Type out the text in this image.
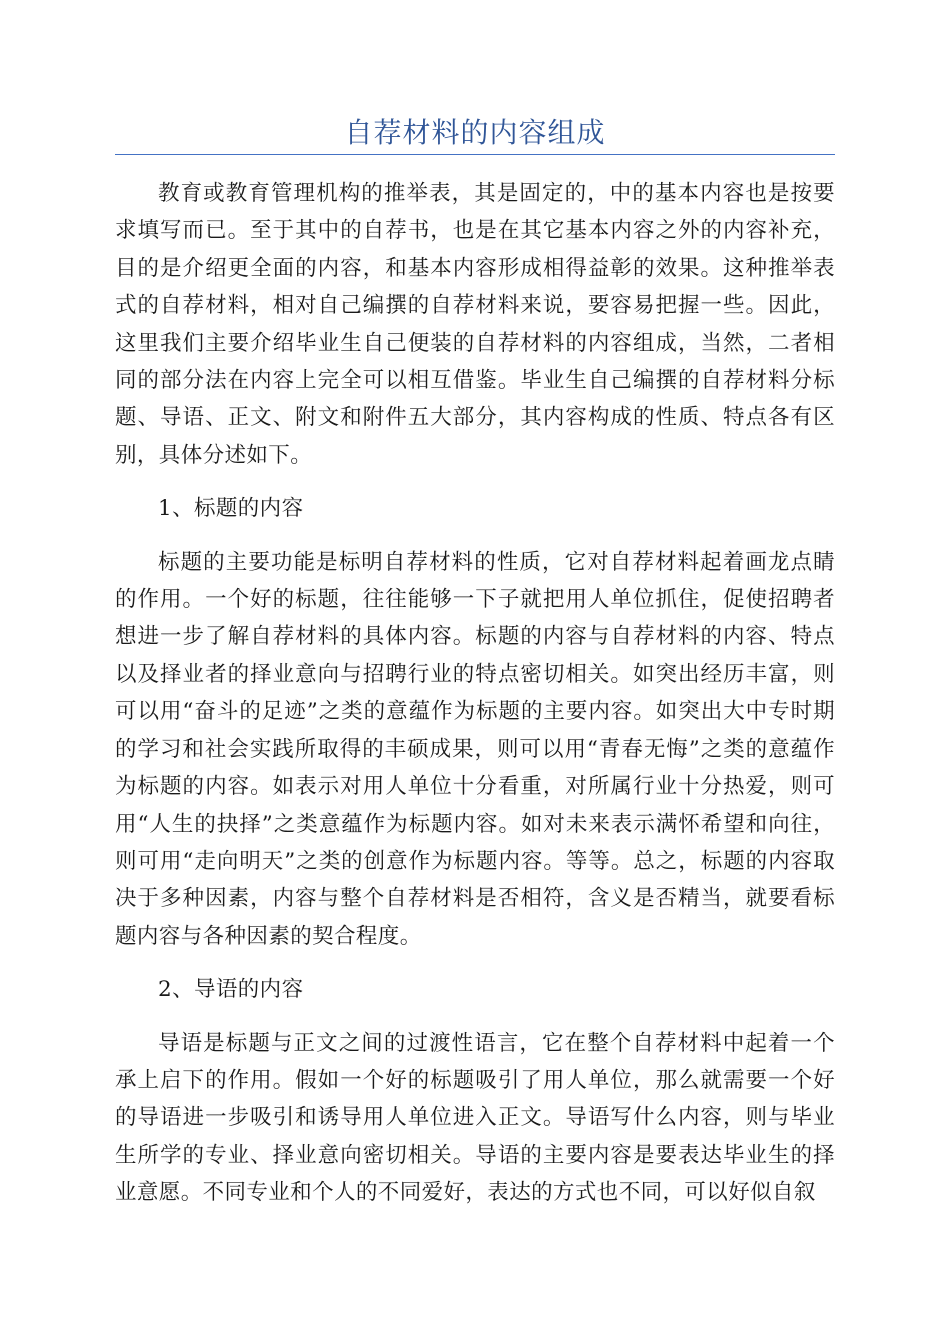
自荐材料的内容组成

教育或教育管理机构的推举表，其是固定的，中的基本内容也是按要求填写而已。至于其中的自荐书，也是在其它基本内容之外的内容补充，目的是介绍更全面的内容，和基本内容形成相得益彰的效果。这种推举表式的自荐材料，相对自己编撰的自荐材料来说，要容易把握一些。因此，这里我们主要介绍毕业生自己便装的自荐材料的内容组成，当然，二者相同的部分法在内容上完全可以相互借鉴。毕业生自己编撰的自荐材料分标题、导语、正文、附文和附件五大部分，其内容构成的性质、特点各有区别，具体分述如下。

1、标题的内容

标题的主要功能是标明自荐材料的性质，它对自荐材料起着画龙点睛的作用。一个好的标题，往往能够一下子就把用人单位抓住，促使招聘者想进一步了解自荐材料的具体内容。标题的内容与自荐材料的内容、特点以及择业者的择业意向与招聘行业的特点密切相关。如突出经历丰富，则可以用“奋斗的足迹”之类的意蕴作为标题的主要内容。如突出大中专时期的学习和社会实践所取得的丰硕成果，则可以用“青春无悔”之类的意蕴作为标题的内容。如表示对用人单位十分看重，对所属行业十分热爱，则可用“人生的抉择”之类意蕴作为标题内容。如对未来表示满怀希望和向往，则可用“走向明天”之类的创意作为标题内容。等等。总之，标题的内容取决于多种因素，内容与整个自荐材料是否相符，含义是否精当，就要看标题内容与各种因素的契合程度。

2、导语的内容

导语是标题与正文之间的过渡性语言，它在整个自荐材料中起着一个承上启下的作用。假如一个好的标题吸引了用人单位，那么就需要一个好的导语进一步吸引和诱导用人单位进入正文。导语写什么内容，则与毕业生所学的专业、择业意向密切相关。导语的主要内容是要表达毕业生的择业意愿。不同专业和个人的不同爱好，表达的方式也不同，可以好似自叙
